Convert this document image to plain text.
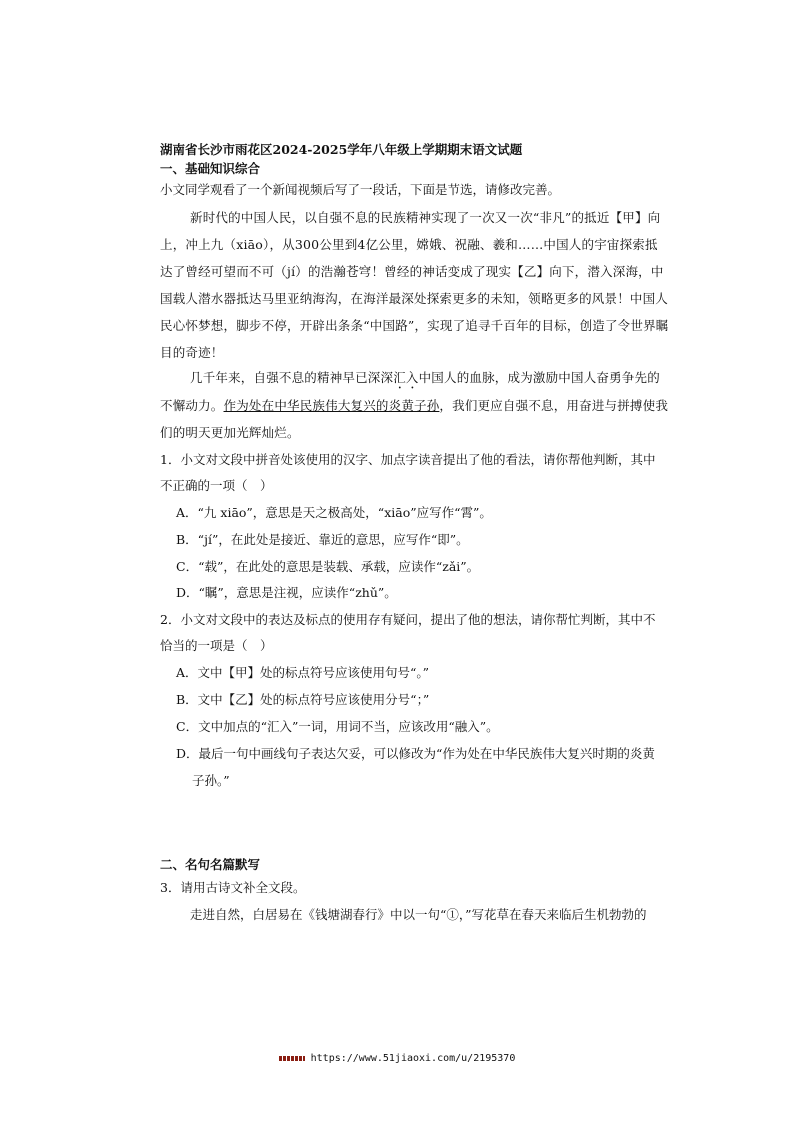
湖南省长沙市雨花区2024-2025学年八年级上学期期末语文试题
一、基础知识综合
小文同学观看了一个新闻视频后写了一段话，下面是节选，请修改完善。
新时代的中国人民，以自强不息的民族精神实现了一次又一次“非凡”的抵近【甲】向
上，冲上九（xiāo），从300公里到4亿公里，嫦娥、祝融、羲和……中国人的宇宙探索抵
达了曾经可望而不可（jí）的浩瀚苍穹！曾经的神话变成了现实【乙】向下，潜入深海，中
国载人潜水器抵达马里亚纳海沟，在海洋最深处探索更多的未知，领略更多的风景！中国人
民心怀梦想，脚步不停，开辟出条条“中国路”，实现了追寻千百年的目标，创造了令世界瞩
目的奇迹！
几千年来，自强不息的精神早已深深汇入中国人的血脉，成为激励中国人奋勇争先的
不懈动力。作为处在中华民族伟大复兴的炎黄子孙，我们更应自强不息，用奋进与拼搏使我
们的明天更加光辉灿烂。
1．小文对文段中拼音处该使用的汉字、加点字读音提出了他的看法，请你帮他判断，其中
不正确的一项（　）
A．“九 xiāo”，意思是天之极高处，“xiāo”应写作“霄”。
B．“jí”，在此处是接近、靠近的意思，应写作“即”。
C．“载”，在此处的意思是装载、承载，应读作“zǎi”。
D．“瞩”，意思是注视，应读作“zhǔ”。
2．小文对文段中的表达及标点的使用存有疑问，提出了他的想法，请你帮忙判断，其中不
恰当的一项是（　）
A．文中【甲】处的标点符号应该使用句号“。”
B．文中【乙】处的标点符号应该使用分号“；”
C．文中加点的“汇入”一词，用词不当，应该改用“融入”。
D．最后一句中画线句子表达欠妥，可以修改为“作为处在中华民族伟大复兴时期的炎黄
子孙。”
二、名句名篇默写
3．请用古诗文补全文段。
走进自然，白居易在《钱塘湖春行》中以一句“①，”写花草在春天来临后生机勃勃的
https://www.51jiaoxi.com/u/2195370
